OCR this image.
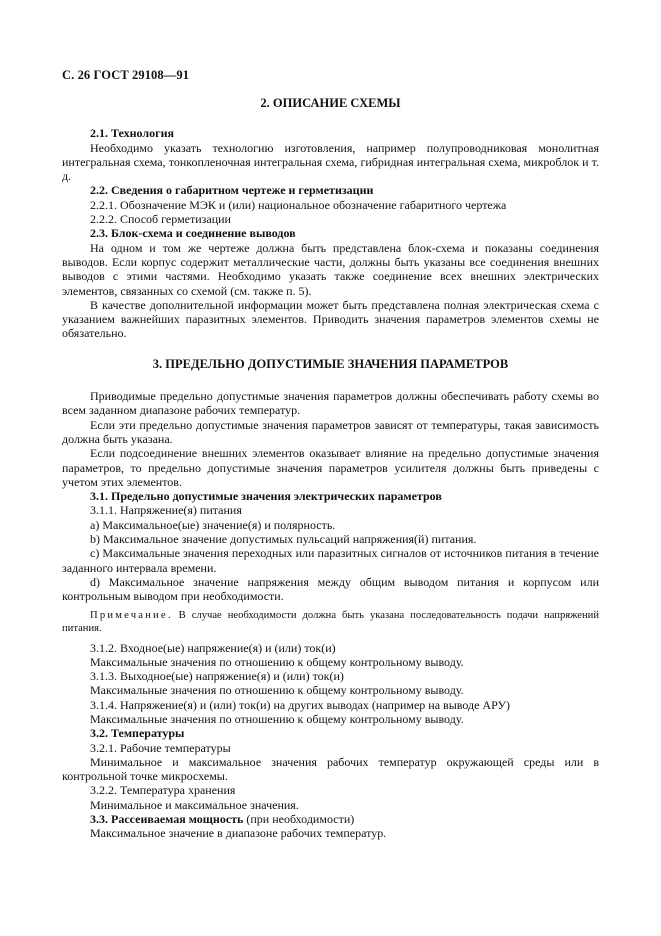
С. 26 ГОСТ 29108—91

2. ОПИСАНИЕ СХЕМЫ

2.1. Технология

Необходимо указать технологию изготовления, например полупроводниковая монолитная интегральная схема, тонкопленочная интегральная схема, гибридная интегральная схема, микроблок и т. д.

2.2. Сведения о габаритном чертеже и герметизации

2.2.1. Обозначение МЭК и (или) национальное обозначение габаритного чертежа

2.2.2. Способ герметизации

2.3. Блок-схема и соединение выводов

На одном и том же чертеже должна быть представлена блок-схема и показаны соединения выводов. Если корпус содержит металлические части, должны быть указаны все соединения внешних выводов с этими частями. Необходимо указать также соединение всех внешних электрических элементов, связанных со схемой (см. также п. 5).

В качестве дополнительной информации может быть представлена полная электрическая схема с указанием важнейших паразитных элементов. Приводить значения параметров элементов схемы не обязательно.

3. ПРЕДЕЛЬНО ДОПУСТИМЫЕ ЗНАЧЕНИЯ ПАРАМЕТРОВ

Приводимые предельно допустимые значения параметров должны обеспечивать работу схемы во всем заданном диапазоне рабочих температур.

Если эти предельно допустимые значения параметров зависят от температуры, такая зависимость должна быть указана.

Если подсоединение внешних элементов оказывает влияние на предельно допустимые значения параметров, то предельно допустимые значения параметров усилителя должны быть приведены с учетом этих элементов.

3.1. Предельно допустимые значения электрических параметров

3.1.1. Напряжение(я) питания

a) Максимальное(ые) значение(я) и полярность.

b) Максимальное значение допустимых пульсаций напряжения(й) питания.

c) Максимальные значения переходных или паразитных сигналов от источников питания в течение заданного интервала времени.

d) Максимальное значение напряжения между общим выводом питания и корпусом или контрольным выводом при необходимости.

Примечание. В случае необходимости должна быть указана последовательность подачи напряжений питания.

3.1.2. Входное(ые) напряжение(я) и (или) ток(и)

Максимальные значения по отношению к общему контрольному выводу.

3.1.3. Выходное(ые) напряжение(я) и (или) ток(и)

Максимальные значения по отношению к общему контрольному выводу.

3.1.4. Напряжение(я) и (или) ток(и) на других выводах (например на выводе АРУ)

Максимальные значения по отношению к общему контрольному выводу.

3.2. Температуры

3.2.1. Рабочие температуры

Минимальное и максимальное значения рабочих температур окружающей среды или в контрольной точке микросхемы.

3.2.2. Температура хранения

Минимальное и максимальное значения.

3.3. Рассеиваемая мощность (при необходимости)

Максимальное значение в диапазоне рабочих температур.
